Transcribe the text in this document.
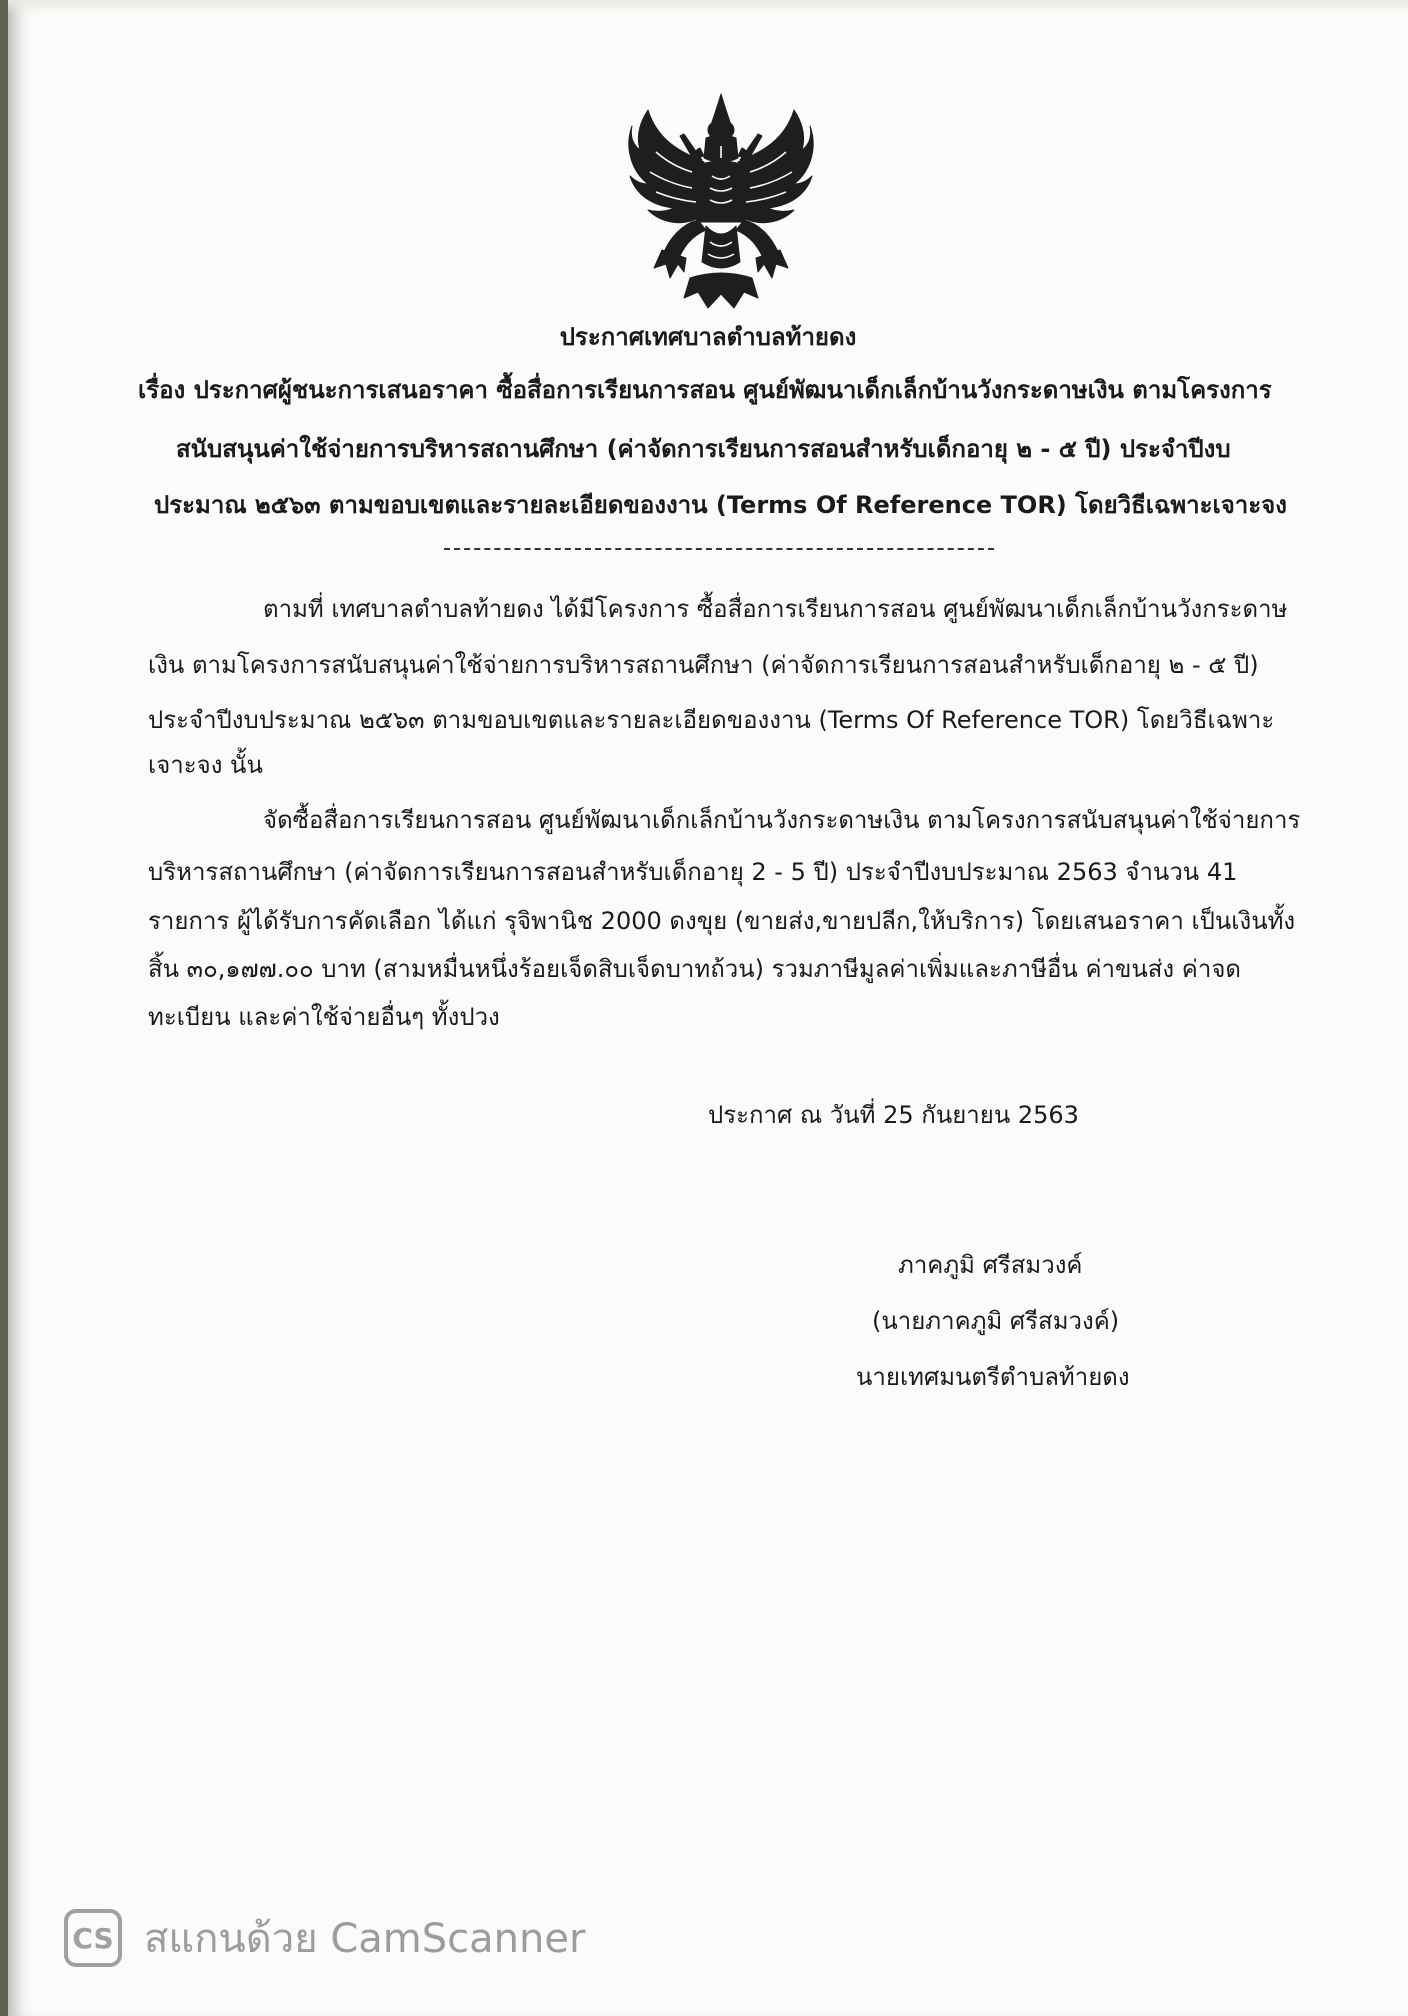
ประกาศเทศบาลตำบลท้ายดง
เรื่อง ประกาศผู้ชนะการเสนอราคา ซื้อสื่อการเรียนการสอน ศูนย์พัฒนาเด็กเล็กบ้านวังกระดาษเงิน ตามโครงการ
สนับสนุนค่าใช้จ่ายการบริหารสถานศึกษา (ค่าจัดการเรียนการสอนสำหรับเด็กอายุ ๒ - ๕ ปี) ประจำปีงบ
ประมาณ ๒๕๖๓ ตามขอบเขตและรายละเอียดของงาน (Terms Of Reference TOR) โดยวิธีเฉพาะเจาะจง
ตามที่ เทศบาลตำบลท้ายดง ได้มีโครงการ ซื้อสื่อการเรียนการสอน ศูนย์พัฒนาเด็กเล็กบ้านวังกระดาษ
เงิน ตามโครงการสนับสนุนค่าใช้จ่ายการบริหารสถานศึกษา (ค่าจัดการเรียนการสอนสำหรับเด็กอายุ ๒ - ๕ ปี)
ประจำปีงบประมาณ ๒๕๖๓ ตามขอบเขตและรายละเอียดของงาน (Terms Of Reference TOR) โดยวิธีเฉพาะ
เจาะจง นั้น
จัดซื้อสื่อการเรียนการสอน ศูนย์พัฒนาเด็กเล็กบ้านวังกระดาษเงิน ตามโครงการสนับสนุนค่าใช้จ่ายการ
บริหารสถานศึกษา (ค่าจัดการเรียนการสอนสำหรับเด็กอายุ 2 - 5 ปี) ประจำปีงบประมาณ 2563 จำนวน 41
รายการ ผู้ได้รับการคัดเลือก ได้แก่ รุจิพานิช 2000 ดงขุย (ขายส่ง,ขายปลีก,ให้บริการ) โดยเสนอราคา เป็นเงินทั้ง
สิ้น ๓๐,๑๗๗.๐๐ บาท (สามหมื่นหนึ่งร้อยเจ็ดสิบเจ็ดบาทถ้วน) รวมภาษีมูลค่าเพิ่มและภาษีอื่น ค่าขนส่ง ค่าจด
ทะเบียน และค่าใช้จ่ายอื่นๆ ทั้งปวง
ประกาศ ณ วันที่ 25 กันยายน 2563
ภาคภูมิ ศรีสมวงค์
(นายภาคภูมิ ศรีสมวงค์)
นายเทศมนตรีตำบลท้ายดง
CS สแกนด้วย CamScanner
